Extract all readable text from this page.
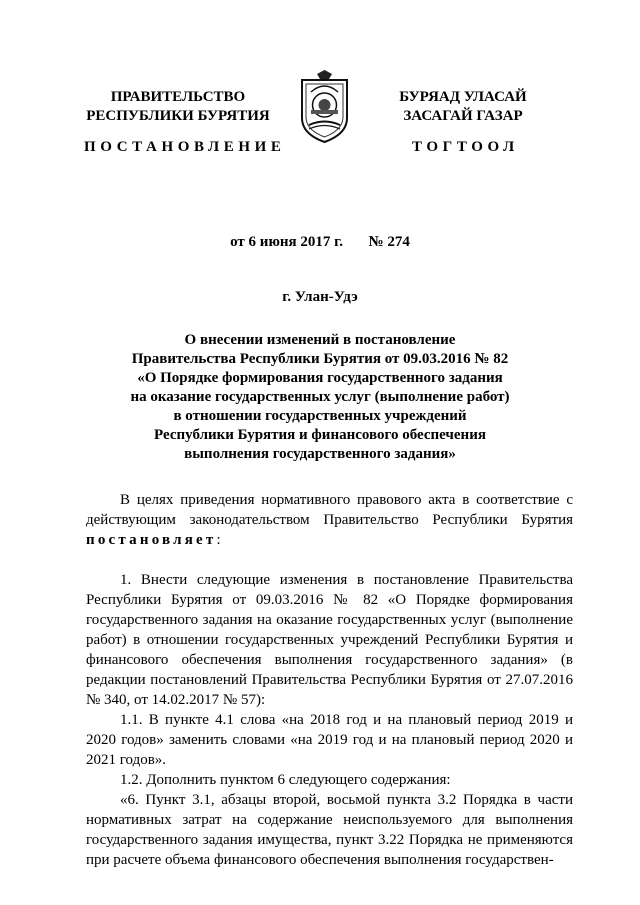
ПРАВИТЕЛЬСТВО
РЕСПУБЛИКИ БУРЯТИЯ
БУРЯАД УЛАСАЙ
ЗАСАГАЙ ГАЗАР
ПОСТАНОВЛЕНИЕ	ТОГТООЛ
от 6 июня 2017 г. № 274
г. Улан-Удэ
О внесении изменений в постановление
Правительства Республики Бурятия от 09.03.2016 № 82
«О Порядке формирования государственного задания
на оказание государственных услуг (выполнение работ)
в отношении государственных учреждений
Республики Бурятия и финансового обеспечения
выполнения государственного задания»

В целях приведения нормативного правового акта в соответствие с действующим законодательством Правительство Республики Бурятия постановляет:

1. Внести следующие изменения в постановление Правительства Республики Бурятия от 09.03.2016 № 82 «О Порядке формирования государственного задания на оказание государственных услуг (выполнение работ) в отношении государственных учреждений Республики Бурятия и финансового обеспечения выполнения государственного задания» (в редакции постановлений Правительства Республики Бурятия от 27.07.2016 № 340, от 14.02.2017 № 57):

1.1. В пункте 4.1 слова «на 2018 год и на плановый период 2019 и 2020 годов» заменить словами «на 2019 год и на плановый период 2020 и 2021 годов».

1.2. Дополнить пунктом 6 следующего содержания:

«6. Пункт 3.1, абзацы второй, восьмой пункта 3.2 Порядка в части нормативных затрат на содержание неиспользуемого для выполнения государственного задания имущества, пункт 3.22 Порядка не применяются при расчете объема финансового обеспечения выполнения государствен-
